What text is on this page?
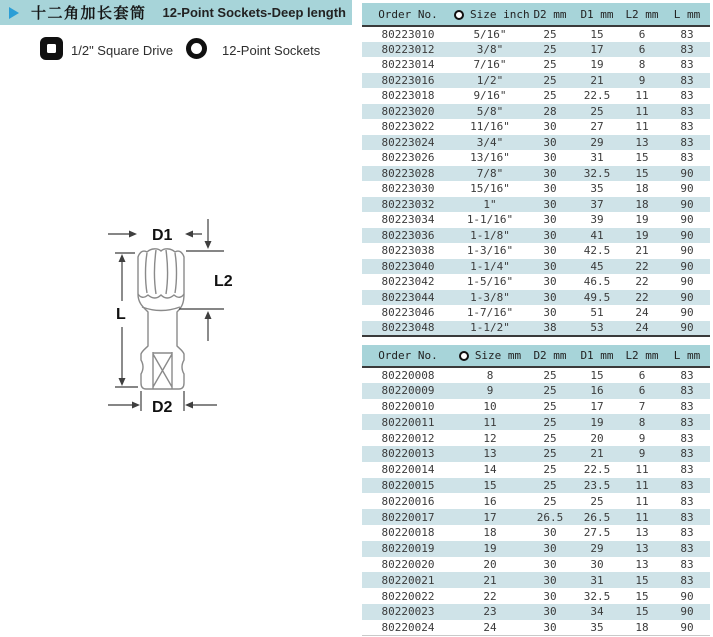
十二角加长套筒 12-Point Sockets-Deep length
1/2" Square Drive	12-Point Sockets
D1
L2
L
D2
Order No.	Size inch	D2 mm	D1 mm	L2 mm	L mm
80223010	5/16"	25	15	6	83
80223012	3/8"	25	17	6	83
80223014	7/16"	25	19	8	83
80223016	1/2"	25	21	9	83
80223018	9/16"	25	22.5	11	83
80223020	5/8"	28	25	11	83
80223022	11/16"	30	27	11	83
80223024	3/4"	30	29	13	83
80223026	13/16"	30	31	15	83
80223028	7/8"	30	32.5	15	90
80223030	15/16"	30	35	18	90
80223032	1"	30	37	18	90
80223034	1-1/16"	30	39	19	90
80223036	1-1/8"	30	41	19	90
80223038	1-3/16"	30	42.5	21	90
80223040	1-1/4"	30	45	22	90
80223042	1-5/16"	30	46.5	22	90
80223044	1-3/8"	30	49.5	22	90
80223046	1-7/16"	30	51	24	90
80223048	1-1/2"	38	53	24	90
Order No.	Size mm	D2 mm	D1 mm	L2 mm	L mm
80220008	8	25	15	6	83
80220009	9	25	16	6	83
80220010	10	25	17	7	83
80220011	11	25	19	8	83
80220012	12	25	20	9	83
80220013	13	25	21	9	83
80220014	14	25	22.5	11	83
80220015	15	25	23.5	11	83
80220016	16	25	25	11	83
80220017	17	26.5	26.5	11	83
80220018	18	30	27.5	13	83
80220019	19	30	29	13	83
80220020	20	30	30	13	83
80220021	21	30	31	15	83
80220022	22	30	32.5	15	90
80220023	23	30	34	15	90
80220024	24	30	35	18	90
